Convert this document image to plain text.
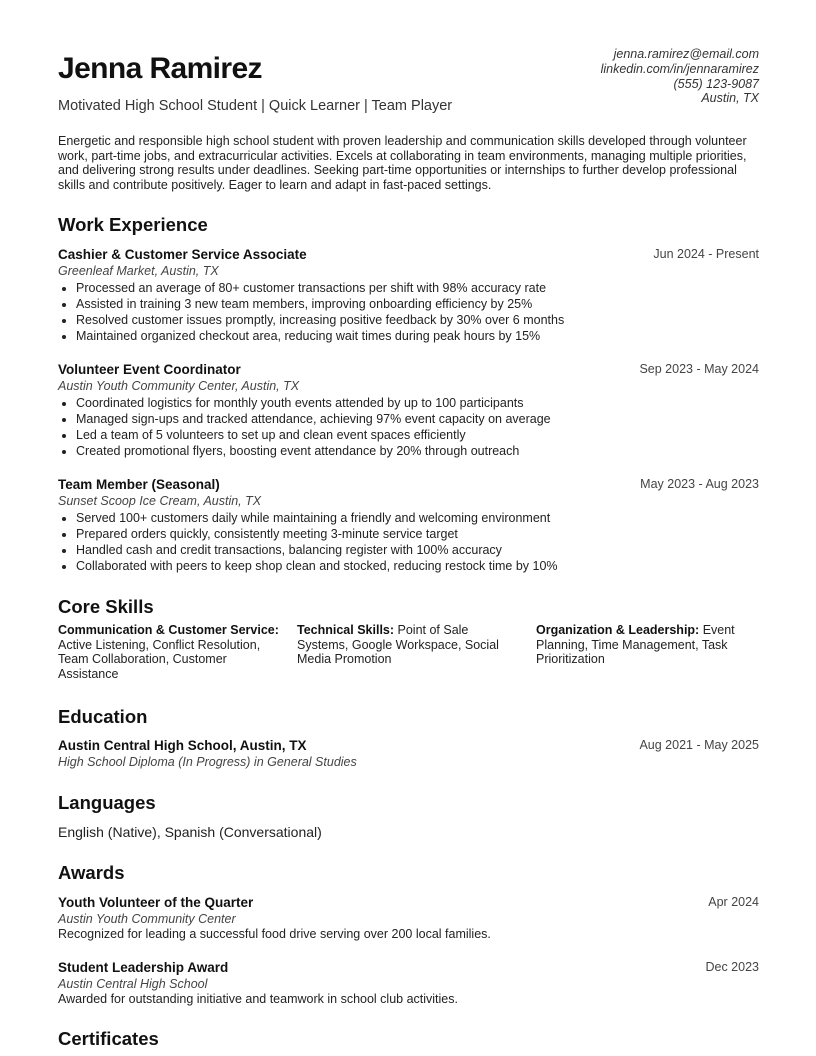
Jenna Ramirez
Motivated High School Student | Quick Learner | Team Player
jenna.ramirez@email.com
linkedin.com/in/jennaramirez
(555) 123-9087
Austin, TX

Energetic and responsible high school student with proven leadership and communication skills developed through volunteer work, part-time jobs, and extracurricular activities. Excels at collaborating in team environments, managing multiple priorities, and delivering strong results under deadlines. Seeking part-time opportunities or internships to further develop professional skills and contribute positively. Eager to learn and adapt in fast-paced settings.

Work Experience
Cashier & Customer Service Associate	Jun 2024 - Present
Greenleaf Market, Austin, TX
• Processed an average of 80+ customer transactions per shift with 98% accuracy rate
• Assisted in training 3 new team members, improving onboarding efficiency by 25%
• Resolved customer issues promptly, increasing positive feedback by 30% over 6 months
• Maintained organized checkout area, reducing wait times during peak hours by 15%
Volunteer Event Coordinator	Sep 2023 - May 2024
Austin Youth Community Center, Austin, TX
• Coordinated logistics for monthly youth events attended by up to 100 participants
• Managed sign-ups and tracked attendance, achieving 97% event capacity on average
• Led a team of 5 volunteers to set up and clean event spaces efficiently
• Created promotional flyers, boosting event attendance by 20% through outreach
Team Member (Seasonal)	May 2023 - Aug 2023
Sunset Scoop Ice Cream, Austin, TX
• Served 100+ customers daily while maintaining a friendly and welcoming environment
• Prepared orders quickly, consistently meeting 3-minute service target
• Handled cash and credit transactions, balancing register with 100% accuracy
• Collaborated with peers to keep shop clean and stocked, reducing restock time by 10%
Core Skills
Communication & Customer Service: Active Listening, Conflict Resolution, Team Collaboration, Customer Assistance
Technical Skills: Point of Sale Systems, Google Workspace, Social Media Promotion
Organization & Leadership: Event Planning, Time Management, Task Prioritization
Education
Austin Central High School, Austin, TX	Aug 2021 - May 2025
High School Diploma (In Progress) in General Studies
Languages
English (Native), Spanish (Conversational)
Awards
Youth Volunteer of the Quarter	Apr 2024
Austin Youth Community Center
Recognized for leading a successful food drive serving over 200 local families.
Student Leadership Award	Dec 2023
Austin Central High School
Awarded for outstanding initiative and teamwork in school club activities.
Certificates
